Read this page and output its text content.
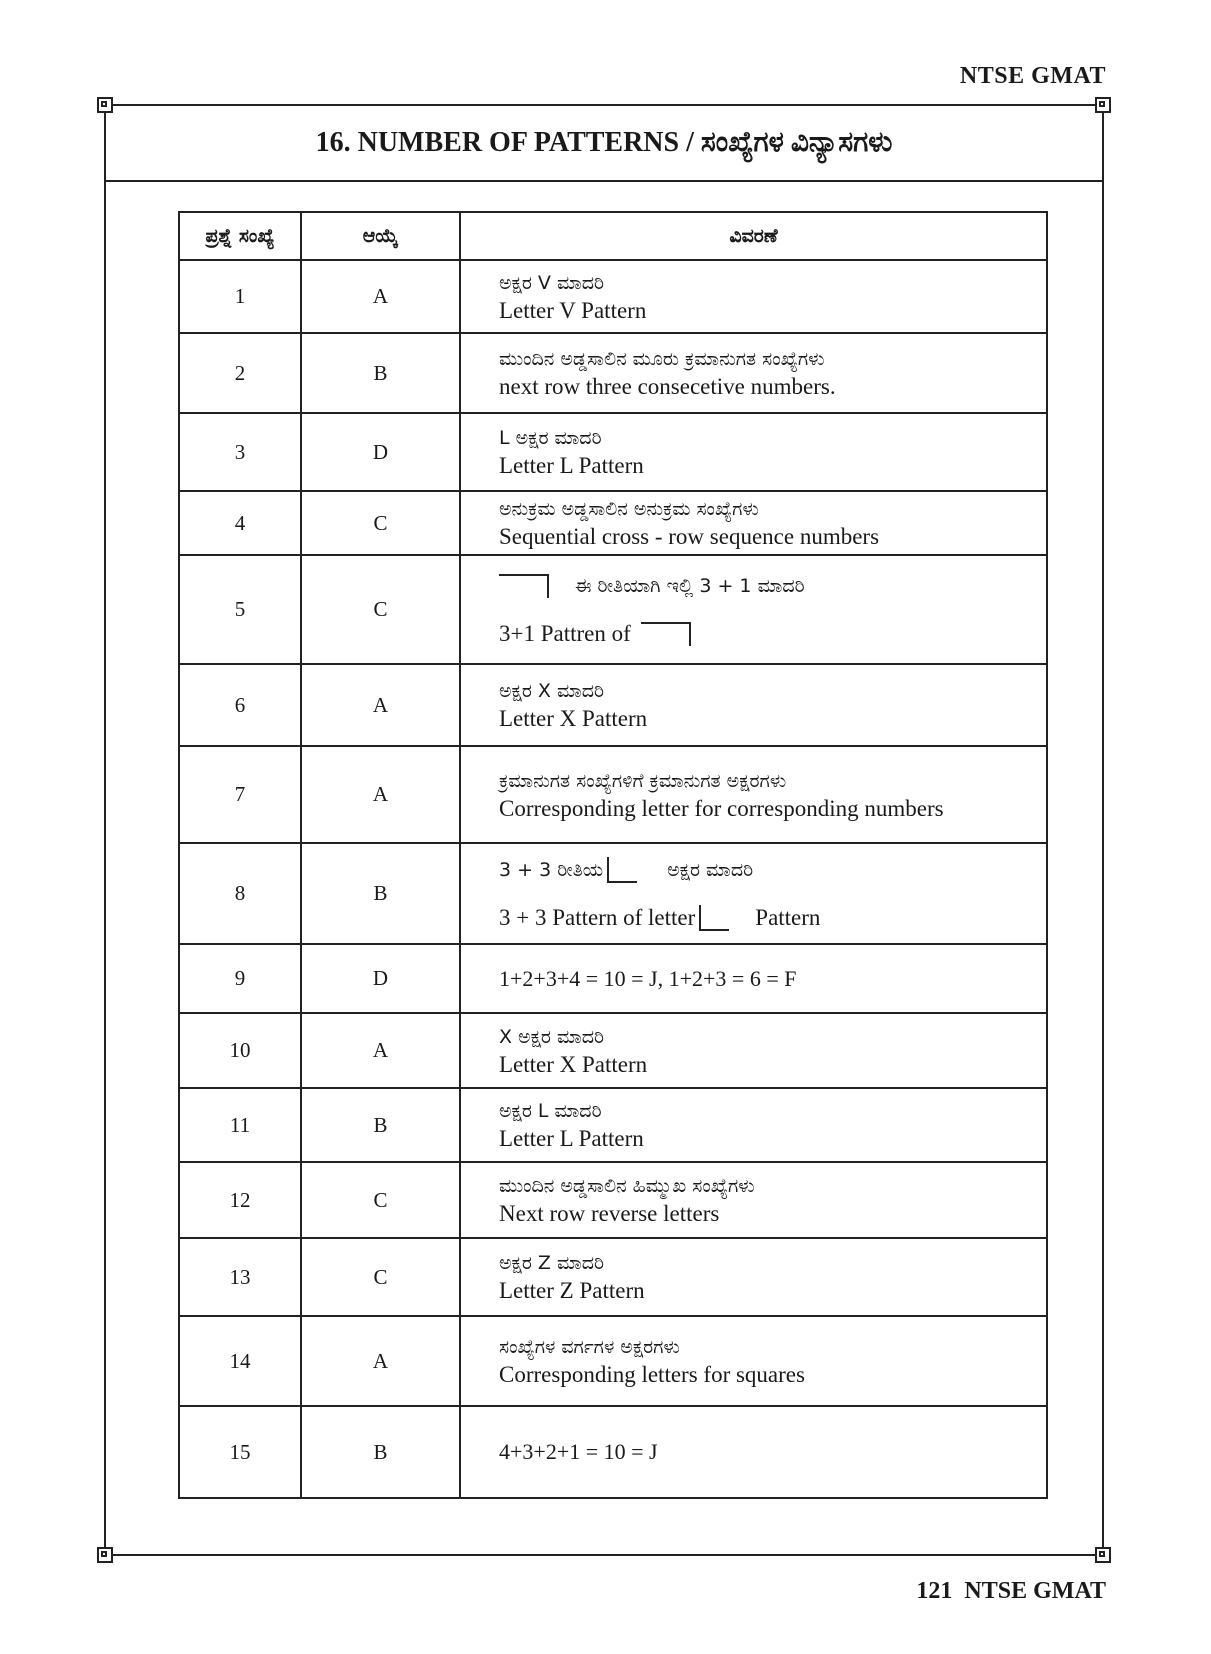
NTSE GMAT
16. NUMBER OF PATTERNS / ಸಂಖ್ಯೆಗಳ ವಿನ್ಯಾಸಗಳು
ಪ್ರಶ್ನೆ ಸಂಖ್ಯೆ	ಆಯ್ಕೆ	ವಿವರಣೆ
1	A	ಅಕ್ಷರ V ಮಾದರಿ
Letter V Pattern

2	B	ಮುಂದಿನ ಅಡ್ಡಸಾಲಿನ ಮೂರು ಕ್ರಮಾನುಗತ ಸಂಖ್ಯೆಗಳು
next row three consecetive numbers.

3	D	L ಅಕ್ಷರ ಮಾದರಿ
Letter L Pattern

4	C	ಅನುಕ್ರಮ ಅಡ್ಡಸಾಲಿನ ಅನುಕ್ರಮ ಸಂಖ್ಯೆಗಳು
Sequential cross - row sequence numbers

5	C	ಈ ರೀತಿಯಾಗಿ ಇಲ್ಲಿ 3 + 1 ಮಾದರಿ
3+1 Pattren of

6	A	ಅಕ್ಷರ X ಮಾದರಿ
Letter X Pattern

7	A	ಕ್ರಮಾನುಗತ ಸಂಖ್ಯೆಗಳಿಗೆ ಕ್ರಮಾನುಗತ ಅಕ್ಷರಗಳು
Corresponding letter for corresponding numbers

8	B	3 + 3 ರೀತಿಯ ಅಕ್ಷರ ಮಾದರಿ
3 + 3 Pattern of letter Pattern

9	D	1+2+3+4 = 10 = J, 1+2+3 = 6 = F
10	A	X ಅಕ್ಷರ ಮಾದರಿ
Letter X Pattern

11	B	ಅಕ್ಷರ L ಮಾದರಿ
Letter L Pattern

12	C	ಮುಂದಿನ ಅಡ್ಡಸಾಲಿನ ಹಿಮ್ಮುಖ ಸಂಖ್ಯೆಗಳು
Next row reverse letters

13	C	ಅಕ್ಷರ Z ಮಾದರಿ
Letter Z Pattern

14	A	ಸಂಖ್ಯೆಗಳ ವರ್ಗಗಳ ಅಕ್ಷರಗಳು
Corresponding letters for squares

15	B	4+3+2+1 = 10 = J
121 NTSE GMAT
